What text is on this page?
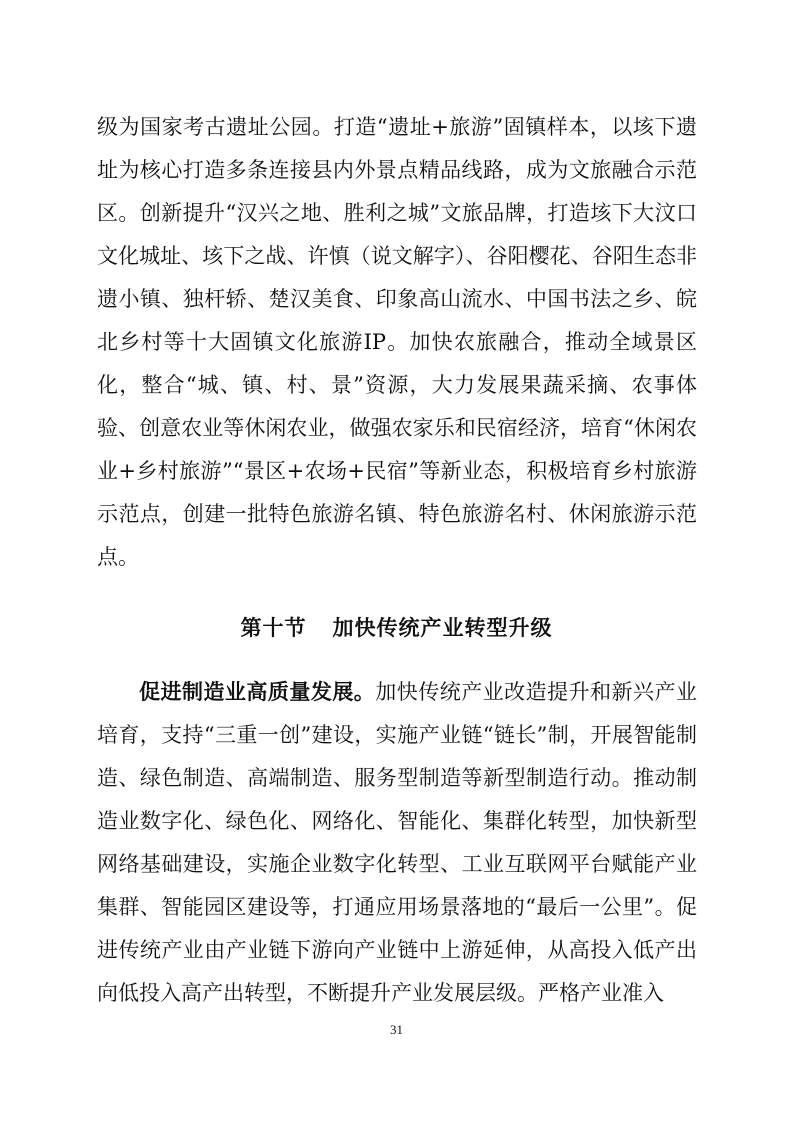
级为国家考古遗址公园。打造“遗址+旅游”固镇样本，以垓下遗址为核心打造多条连接县内外景点精品线路，成为文旅融合示范区。创新提升“汉兴之地、胜利之城”文旅品牌，打造垓下大汶口文化城址、垓下之战、许慎（说文解字）、谷阳樱花、谷阳生态非遗小镇、独杆轿、楚汉美食、印象高山流水、中国书法之乡、皖北乡村等十大固镇文化旅游IP。加快农旅融合，推动全域景区化，整合“城、镇、村、景”资源，大力发展果蔬采摘、农事体验、创意农业等休闲农业，做强农家乐和民宿经济，培育“休闲农业+乡村旅游”“景区+农场+民宿”等新业态，积极培育乡村旅游示范点，创建一批特色旅游名镇、特色旅游名村、休闲旅游示范点。

第十节 加快传统产业转型升级

促进制造业高质量发展。加快传统产业改造提升和新兴产业培育，支持“三重一创”建设，实施产业链“链长”制，开展智能制造、绿色制造、高端制造、服务型制造等新型制造行动。推动制造业数字化、绿色化、网络化、智能化、集群化转型，加快新型网络基础建设，实施企业数字化转型、工业互联网平台赋能产业集群、智能园区建设等，打通应用场景落地的“最后一公里”。促进传统产业由产业链下游向产业链中上游延伸，从高投入低产出向低投入高产出转型，不断提升产业发展层级。严格产业准入

31
